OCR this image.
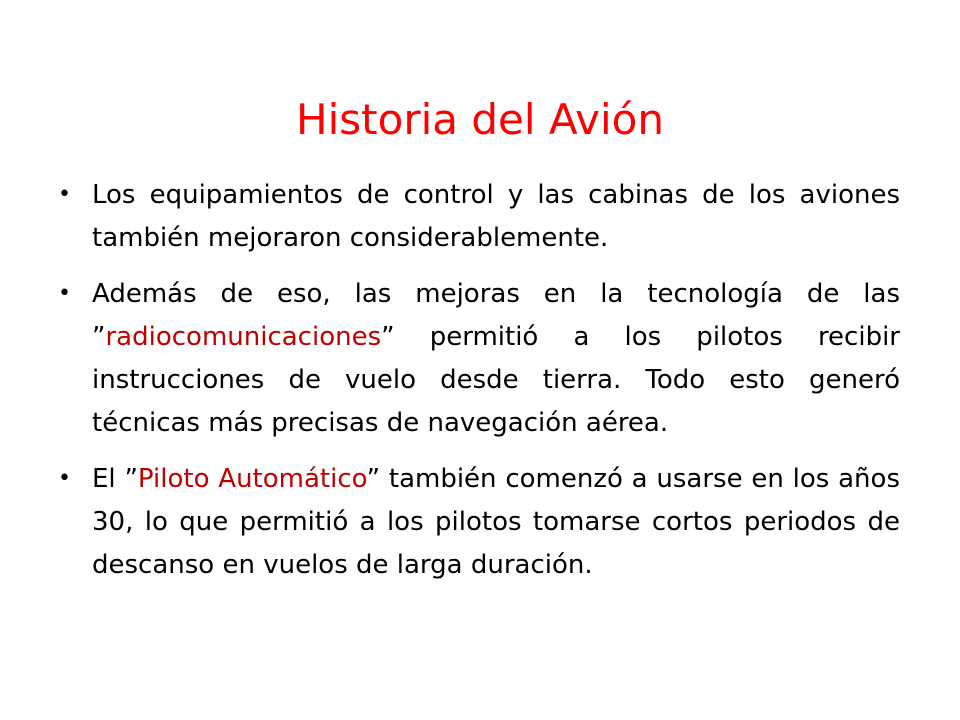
Historia del Avión
• Los equipamientos de control y las cabinas de los aviones también mejoraron considerablemente.
• Además de eso, las mejoras en la tecnología de las ”radiocomunicaciones” permitió a los pilotos recibir instrucciones de vuelo desde tierra. Todo esto generó técnicas más precisas de navegación aérea.
• El ”Piloto Automático” también comenzó a usarse en los años 30, lo que permitió a los pilotos tomarse cortos periodos de descanso en vuelos de larga duración.
